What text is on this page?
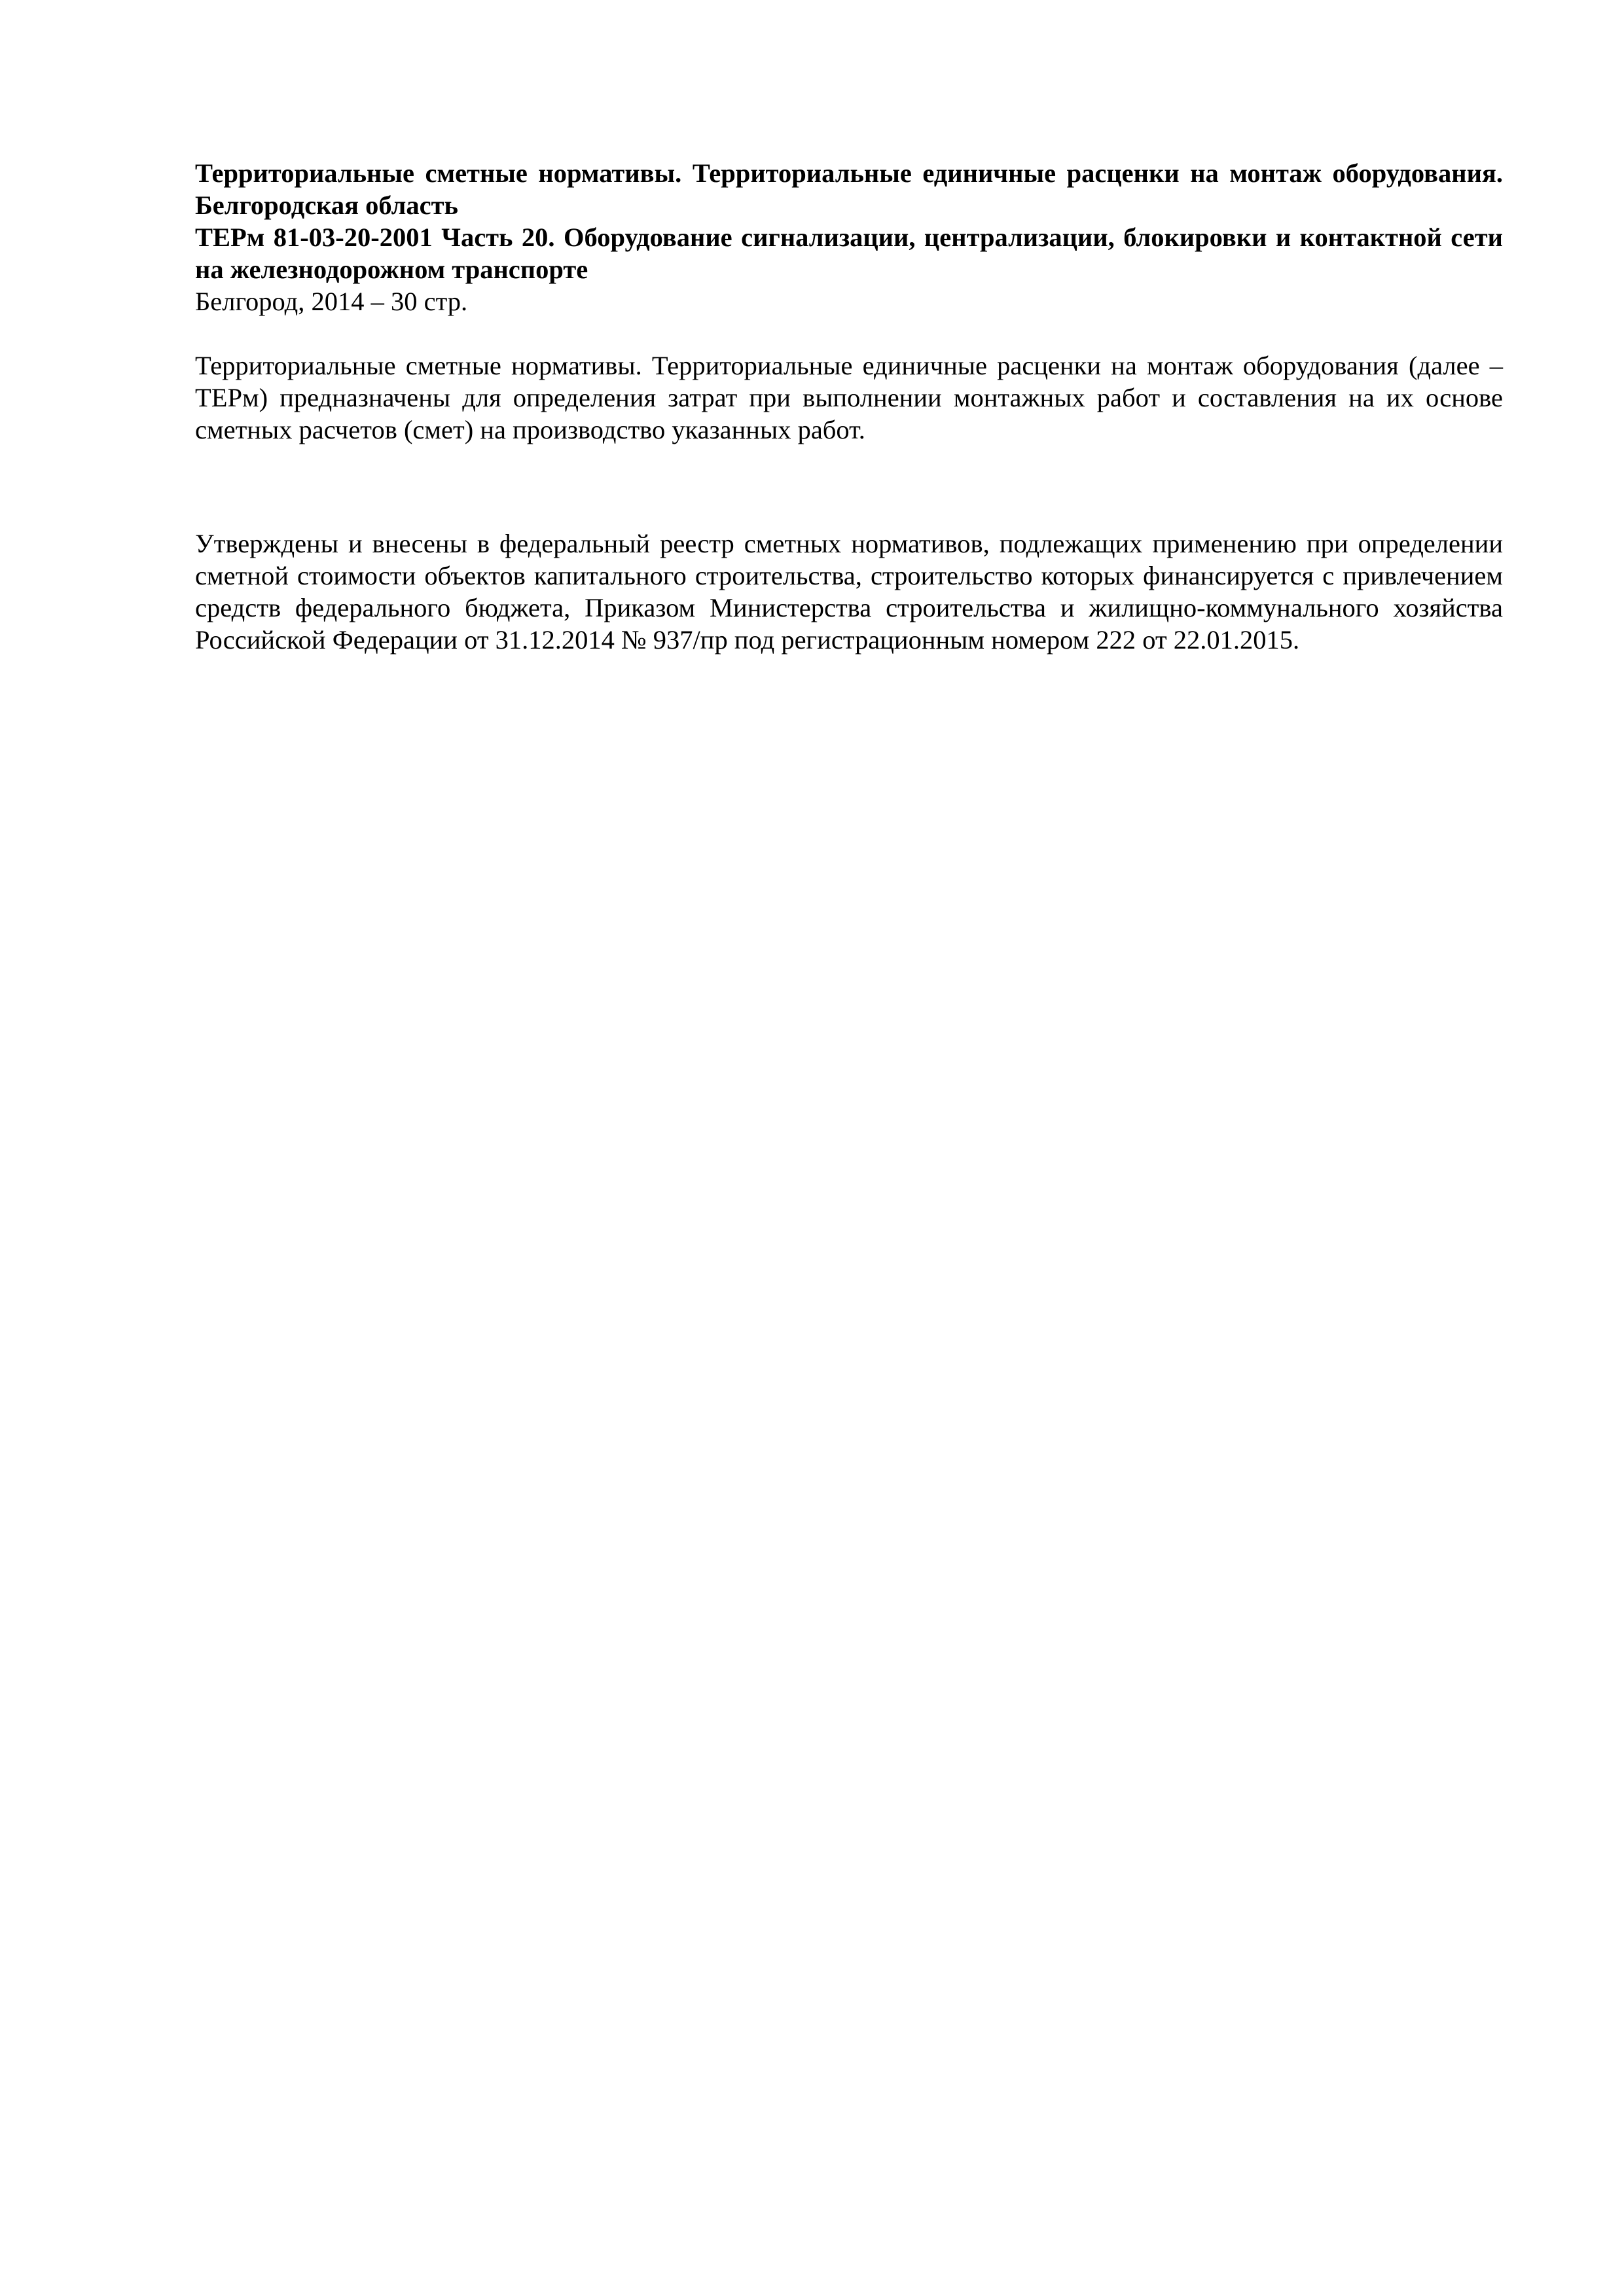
Территориальные сметные нормативы. Территориальные единичные расценки на монтаж оборудования. Белгородская область

ТЕРм 81-03-20-2001 Часть 20. Оборудование сигнализации, централизации, блокировки и контактной сети на железнодорожном транспорте

Белгород, 2014 – 30 стр.

Территориальные сметные нормативы. Территориальные единичные расценки на монтаж оборудования (далее – ТЕРм) предназначены для определения затрат при выполнении монтажных работ и составления на их основе сметных расчетов (смет) на производство указанных работ.

Утверждены и внесены в федеральный реестр сметных нормативов, подлежащих применению при определении сметной стоимости объектов капитального строительства, строительство которых финансируется с привлечением средств федерального бюджета, Приказом Министерства строительства и жилищно-коммунального хозяйства Российской Федерации от 31.12.2014 № 937/пр под регистрационным номером 222 от 22.01.2015.
